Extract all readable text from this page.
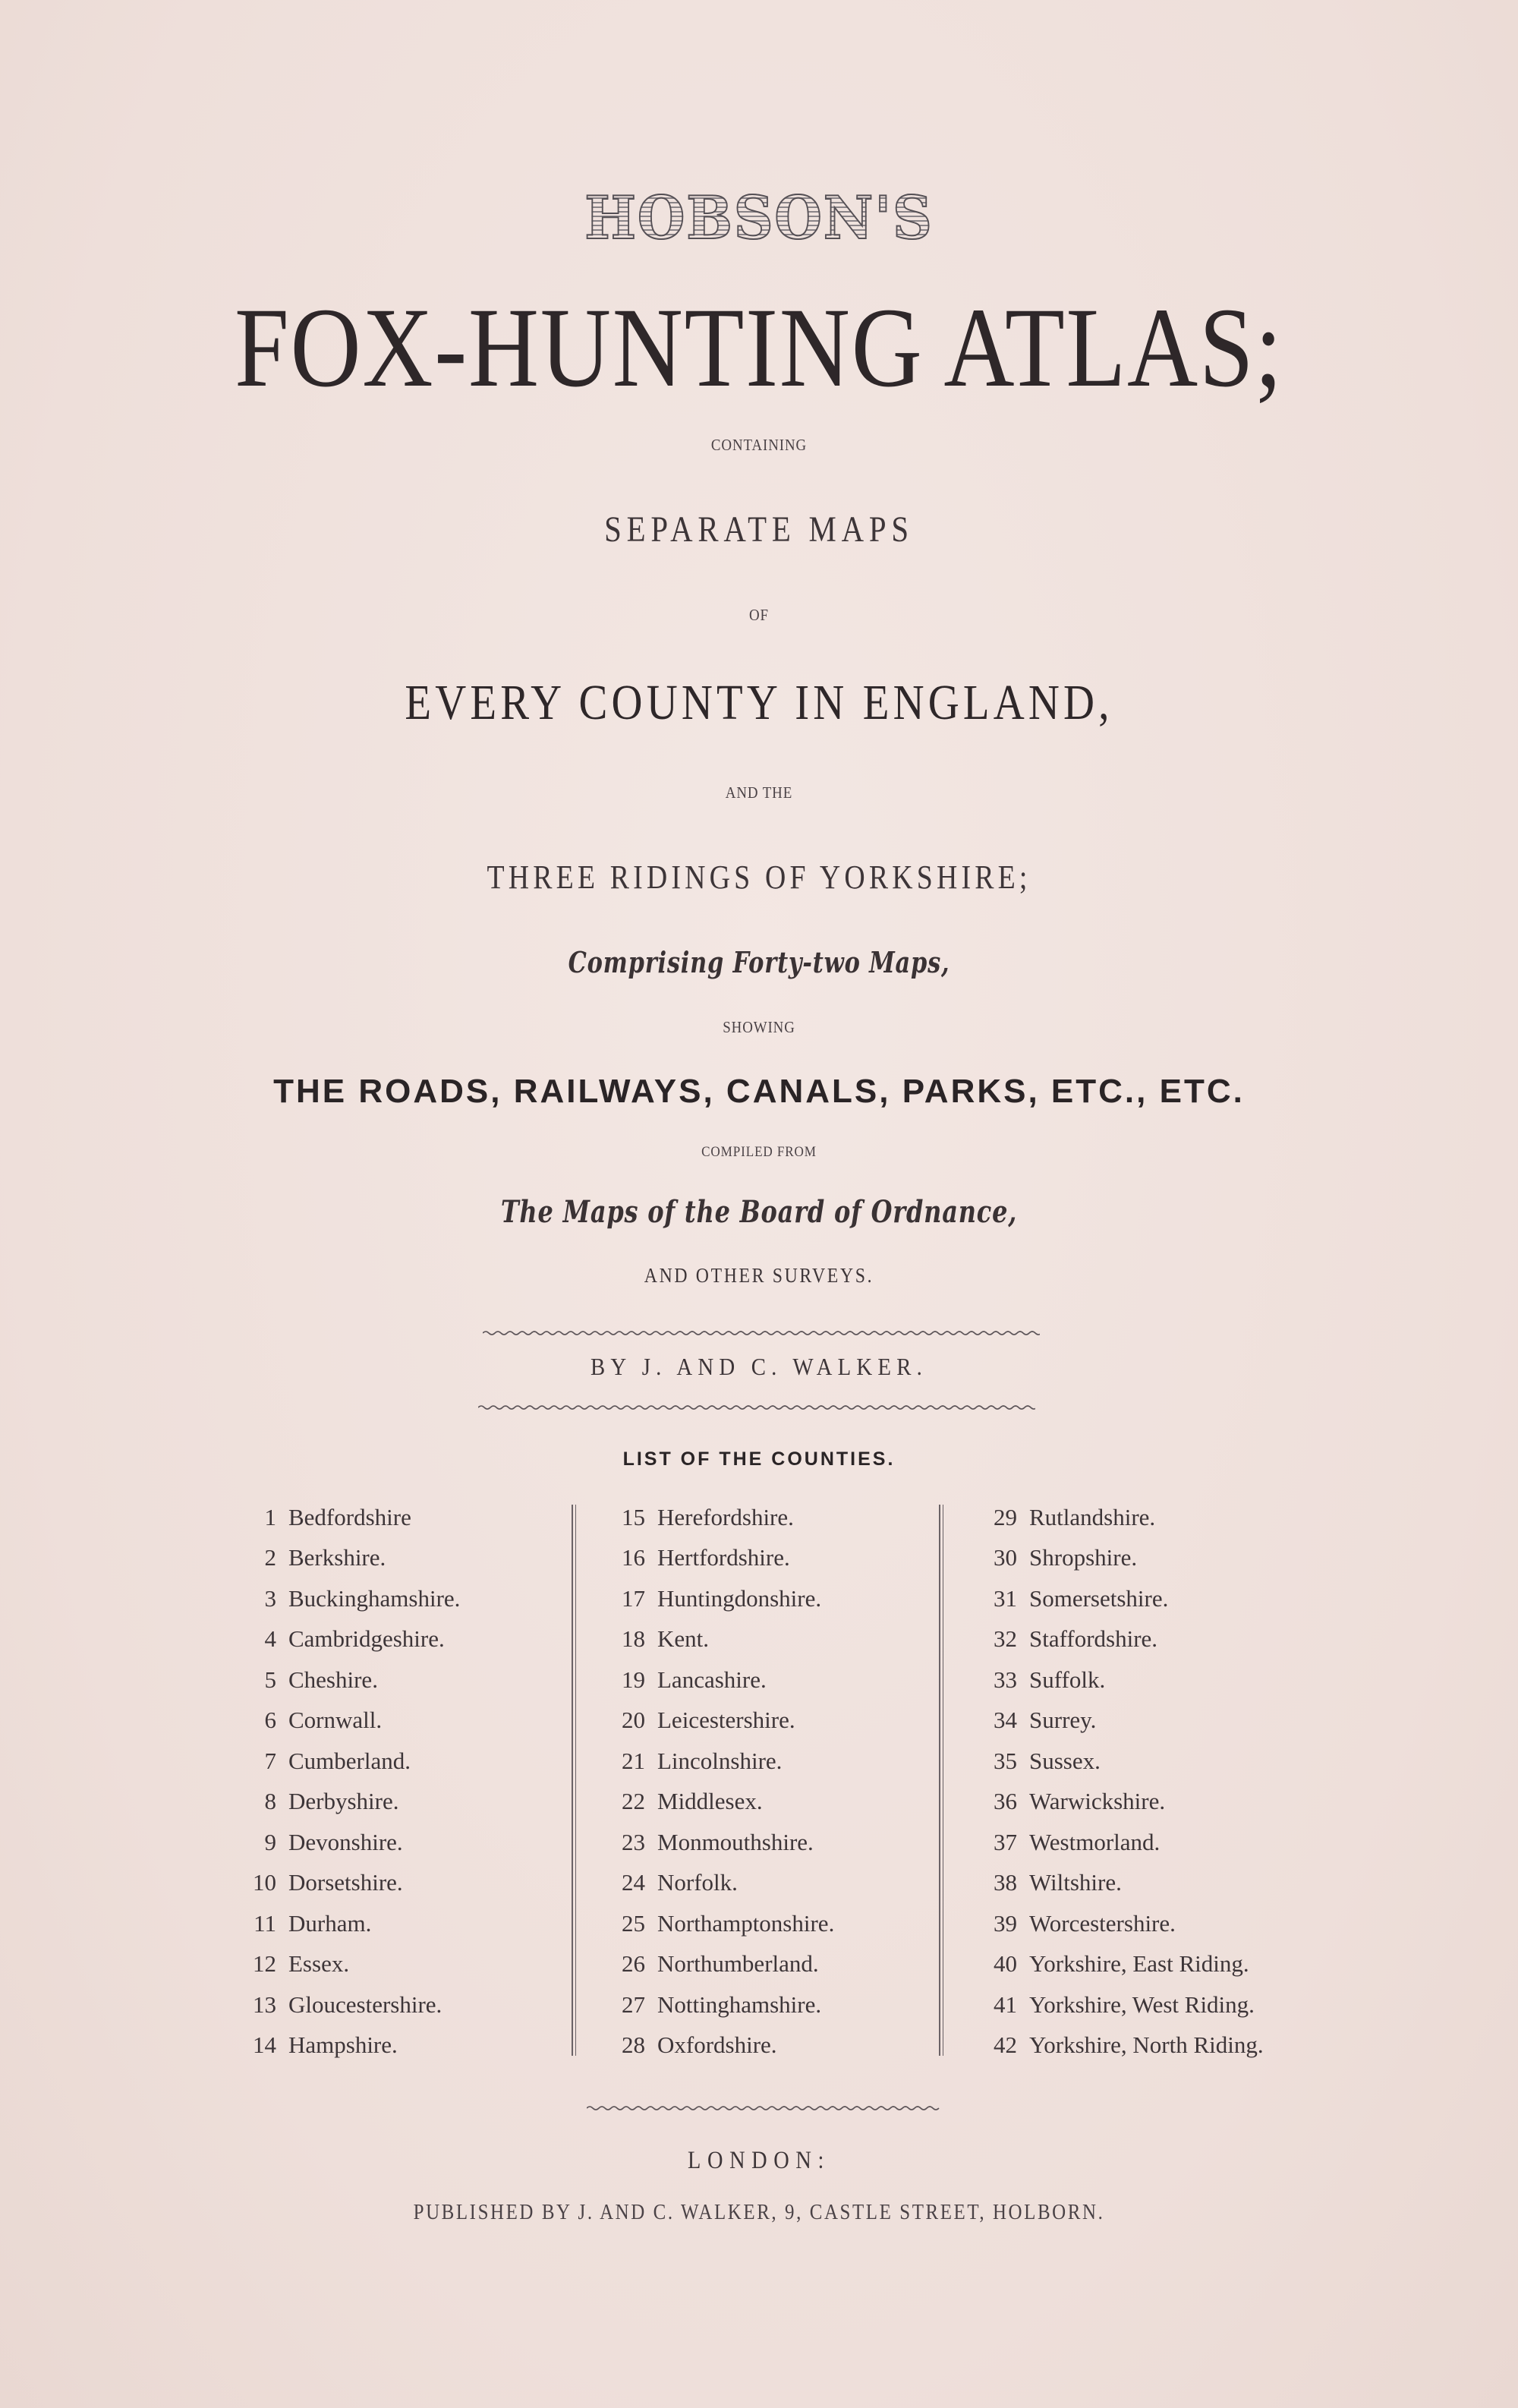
HOBSON'S
FOX-HUNTING ATLAS;
CONTAINING
SEPARATE MAPS
OF
EVERY COUNTY IN ENGLAND,
AND THE
THREE RIDINGS OF YORKSHIRE;
Comprising Forty-two Maps,
SHOWING
THE ROADS, RAILWAYS, CANALS, PARKS, ETC., ETC.
COMPILED FROM
The Maps of the Board of Ordnance,
AND OTHER SURVEYS.
BY J. AND C. WALKER.
LIST OF THE COUNTIES.
1 Bedfordshire
2 Berkshire.
3 Buckinghamshire.
4 Cambridgeshire.
5 Cheshire.
6 Cornwall.
7 Cumberland.
8 Derbyshire.
9 Devonshire.
10 Dorsetshire.
11 Durham.
12 Essex.
13 Gloucestershire.
14 Hampshire.
15 Herefordshire.
16 Hertfordshire.
17 Huntingdonshire.
18 Kent.
19 Lancashire.
20 Leicestershire.
21 Lincolnshire.
22 Middlesex.
23 Monmouthshire.
24 Norfolk.
25 Northamptonshire.
26 Northumberland.
27 Nottinghamshire.
28 Oxfordshire.
29 Rutlandshire.
30 Shropshire.
31 Somersetshire.
32 Staffordshire.
33 Suffolk.
34 Surrey.
35 Sussex.
36 Warwickshire.
37 Westmorland.
38 Wiltshire.
39 Worcestershire.
40 Yorkshire, East Riding.
41 Yorkshire, West Riding.
42 Yorkshire, North Riding.
LONDON:
PUBLISHED BY J. AND C. WALKER, 9, CASTLE STREET, HOLBORN.
